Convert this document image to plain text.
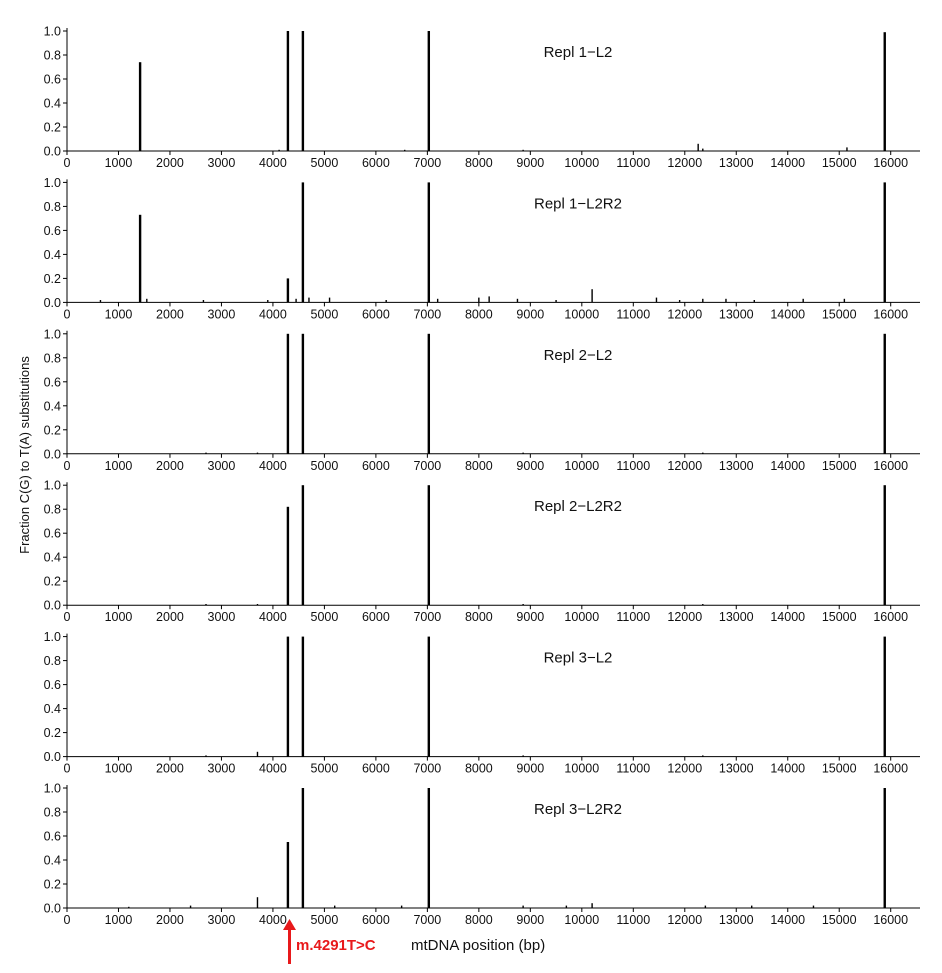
0.0
0.2
0.4
0.6
0.8
1.0
0	1000 2000 3000 4000 5000 6000 7000 8000 9000 10000 11000 12000 13000 14000 15000 16000
Repl 1−L2
0.0
0.2
0.4
0.6
0.8
1.0
0	1000 2000 3000 4000 5000 6000 7000 8000 9000 10000 11000 12000 13000 14000 15000 16000
Repl 1−L2R2
0.0
0.2
0.4
0.6
0.8
1.0
0	1000 2000 3000 4000 5000 6000 7000 8000 9000 10000 11000 12000 13000 14000 15000 16000
Repl 2−L2
0.0
0.2
0.4
0.6
0.8
1.0
0	1000 2000 3000 4000 5000 6000 7000 8000 9000 10000 11000 12000 13000 14000 15000 16000
Repl 2−L2R2
0.0
0.2
0.4
0.6
0.8
1.0
0	1000 2000 3000 4000 5000 6000 7000 8000 9000 10000 11000 12000 13000 14000 15000 16000
Repl 3−L2
0.0
0.2
0.4
0.6
0.8
1.0
0	1000 2000 3000 4000 5000 6000 7000 8000 9000 10000 11000 12000 13000 14000 15000 16000
Repl 3−L2R2
Fraction C(G) to T(A) substitutions
m.4291T>C mtDNA position (bp)
